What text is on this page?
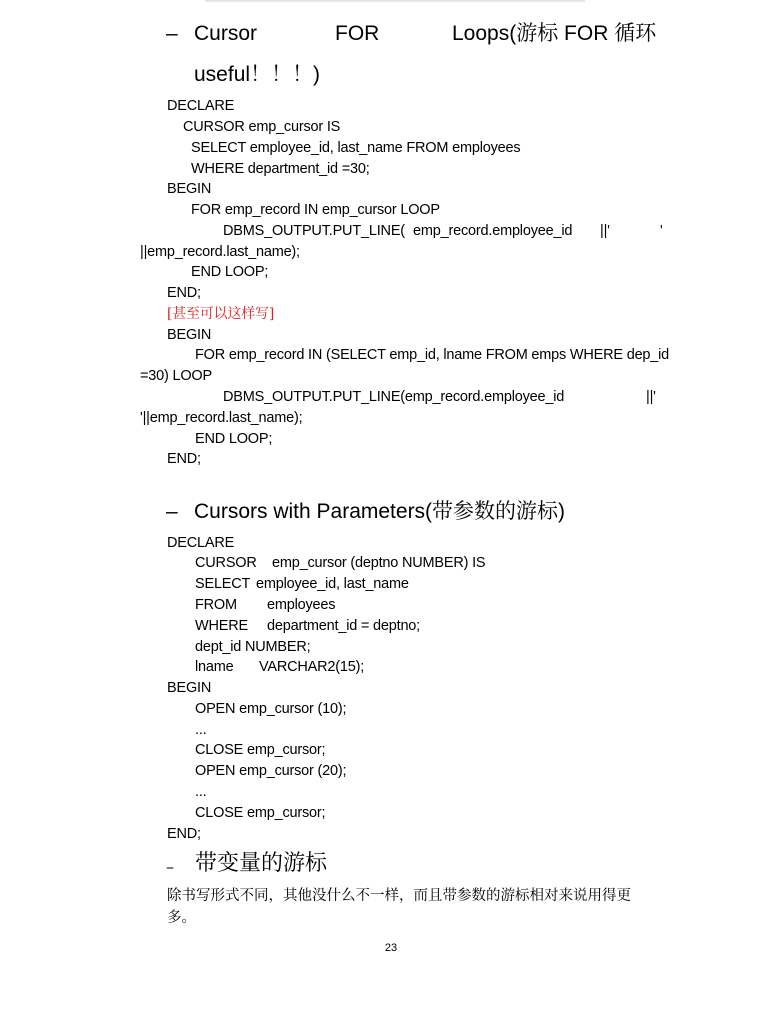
–

Cursor

	FOR

	Loops(游标 FOR 循环

useful！！！)
DECLARE
CURSOR emp_cursor IS
SELECT employee_id, last_name FROM employees
WHERE department_id =30;
BEGIN
FOR emp_record IN emp_cursor LOOP
DBMS_OUTPUT.PUT_LINE( emp_record.employee_id ||'	'
||emp_record.last_name);
END LOOP;
END;
[甚至可以这样写]
BEGIN
FOR emp_record IN (SELECT emp_id, lname FROM emps WHERE dep_id
=30) LOOP
DBMS_OUTPUT.PUT_LINE(emp_record.employee_id	||'
'||emp_record.last_name);
END LOOP;
END;

–

Cursors with Parameters(带参数的游标)

DECLARE
CURSOR emp_cursor (deptno NUMBER) IS
SELECT employee_id, last_name
FROM employees
WHERE department_id = deptno;
dept_id NUMBER;
lname VARCHAR2(15);
BEGIN
OPEN emp_cursor (10);
...
CLOSE emp_cursor;
OPEN emp_cursor (20);
...
CLOSE emp_cursor;
END;

–

带变量的游标

除书写形式不同，其他没什么不一样，而且带参数的游标相对来说用得更多。
23
